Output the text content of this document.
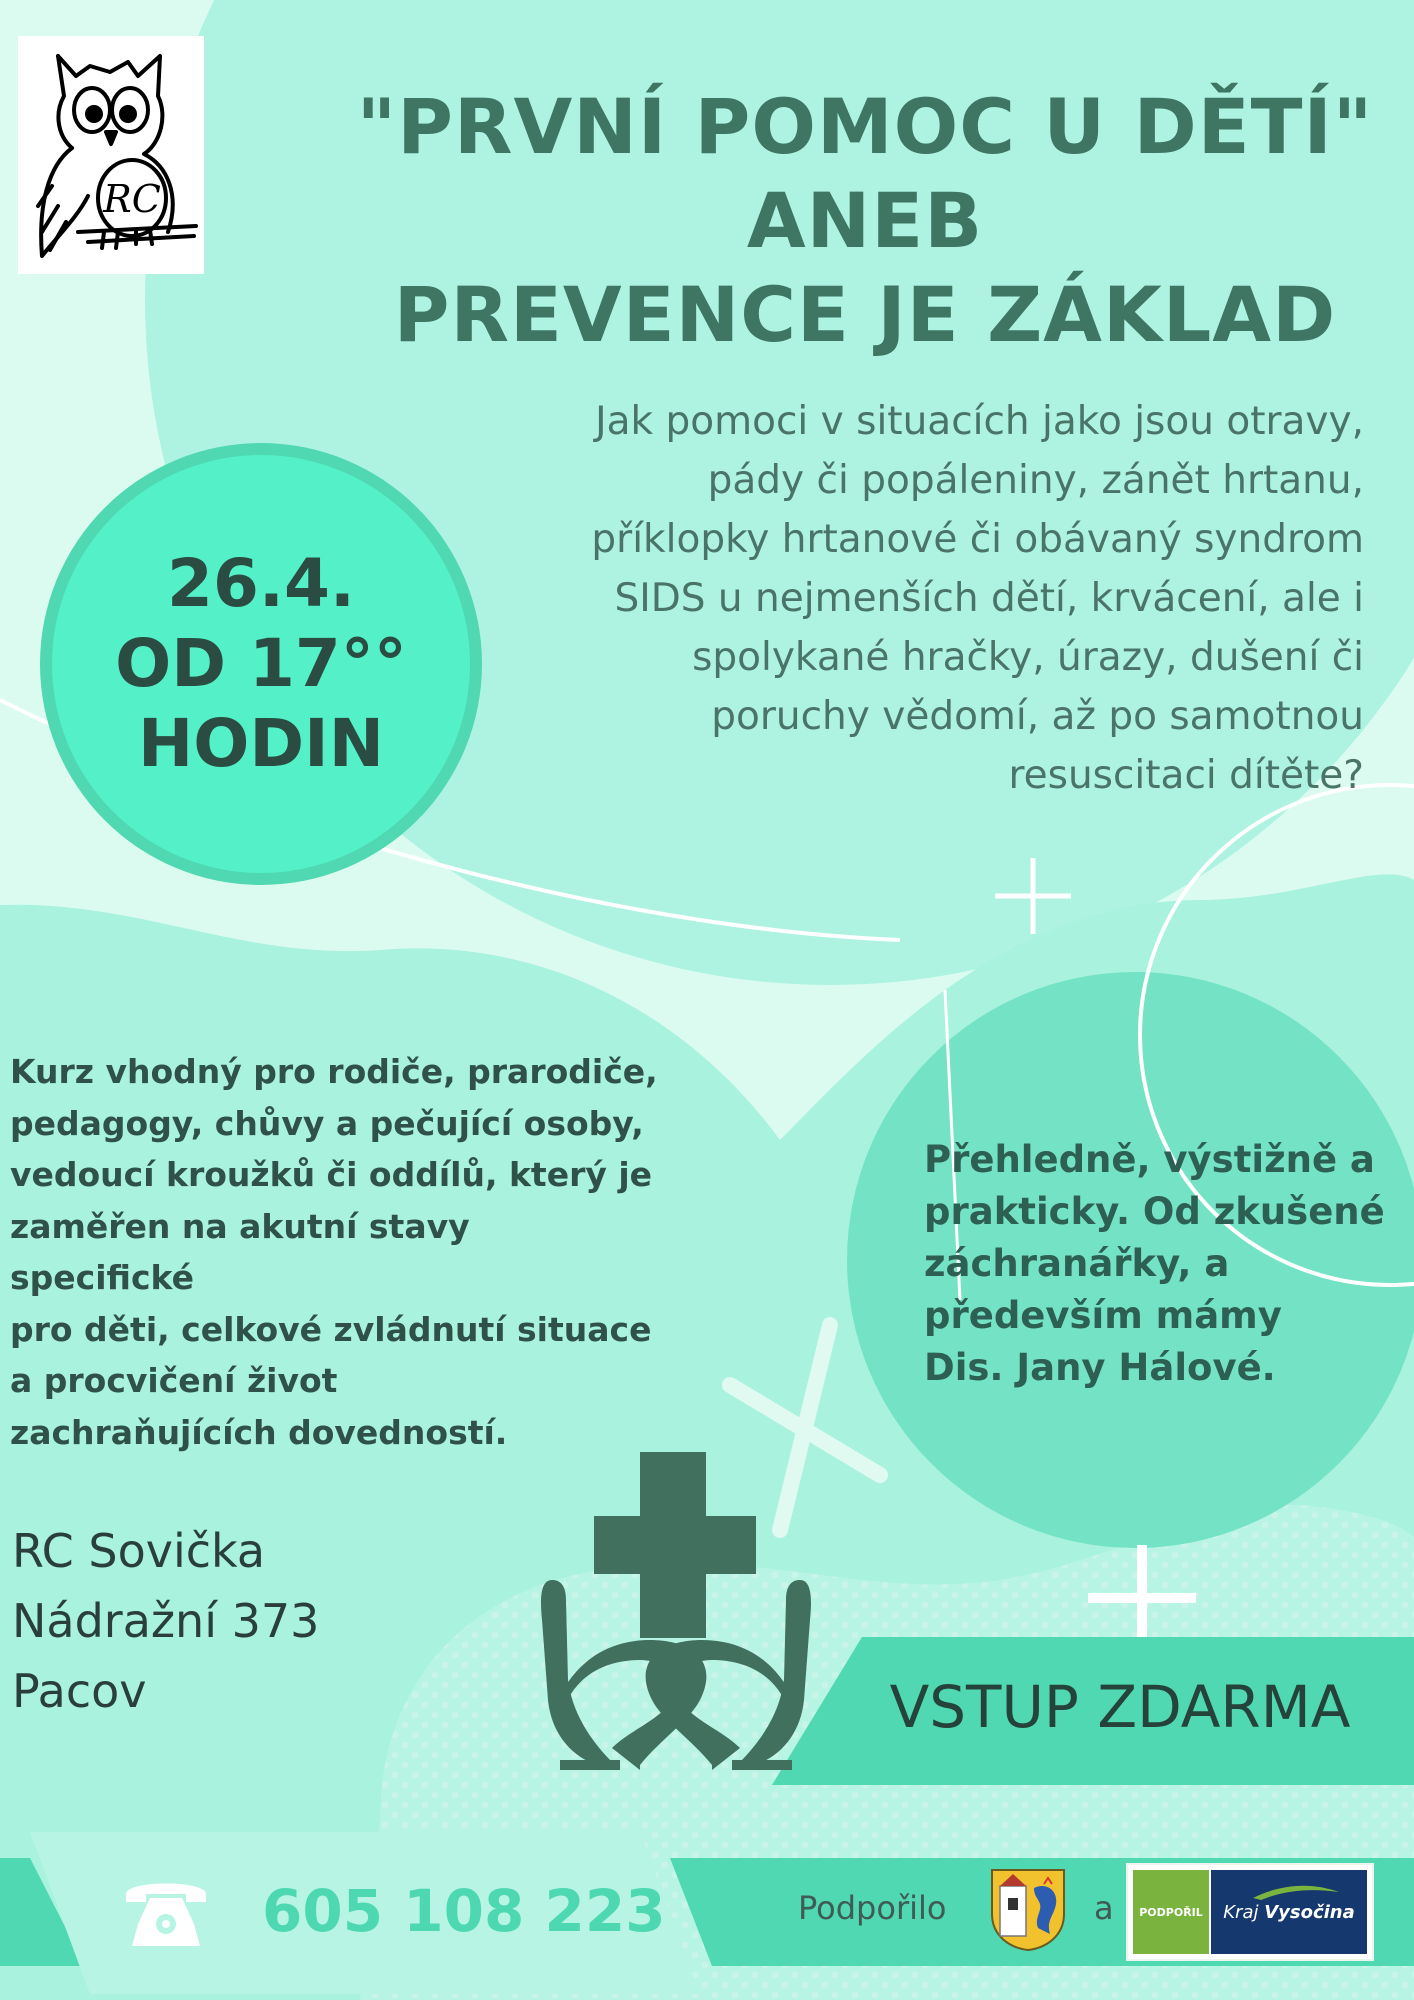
RC
"PRVNÍ POMOC U DĚTÍ"
ANEB
PREVENCE JE ZÁKLAD
Jak pomoci v situacích jako jsou otravy,
pády či popáleniny, zánět hrtanu,
příklopky hrtanové či obávaný syndrom
SIDS u nejmenších dětí, krvácení, ale i
spolykané hračky, úrazy, dušení či
poruchy vědomí, až po samotnou
resuscitaci dítěte?
26.4.
OD 17°°
HODIN
Kurz vhodný pro rodiče, prarodiče,
pedagogy, chůvy a pečující osoby,
vedoucí kroužků či oddílů, který je
zaměřen na akutní stavy
specifické
pro děti, celkové zvládnutí situace
a procvičení život
zachraňujících dovedností.
Přehledně, výstižně a
prakticky. Od zkušené
záchranářky, a
především mámy
Dis. Jany Hálové.
RC Sovička
Nádražní 373
Pacov	VSTUP ZDARMA
605 108 223	Podpořilo	a	PODPOŘIL	Kraj
Vysočina
